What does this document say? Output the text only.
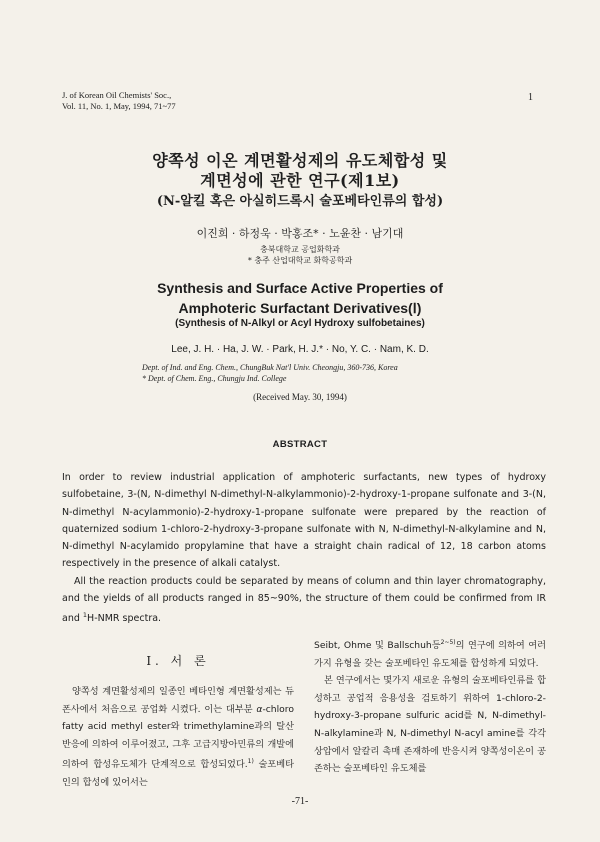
J. of Korean Oil Chemists' Soc.,
Vol. 11, No. 1, May, 1994, 71~77
1
양쪽성 이온 계면활성제의 유도체합성 및
계면성에 관한 연구(제1보)
(N-알킬 혹은 아실히드록시 술포베타인류의 합성)
이진희 · 하정욱 · 박홍조* · 노윤찬 · 남기대
충북대학교 공업화학과
* 충주 산업대학교 화학공학과
Synthesis and Surface Active Properties of
Amphoteric Surfactant Derivatives(Ⅰ)
(Synthesis of N-Alkyl or Acyl Hydroxy sulfobetaines)
Lee, J. H. · Ha, J. W. · Park, H. J.* · No, Y. C. · Nam, K. D.
Dept. of Ind. and Eng. Chem., ChungBuk Nat'l Univ. Cheongju, 360-736, Korea
* Dept. of Chem. Eng., Chungju Ind. College
(Received May. 30, 1994)
ABSTRACT

In order to review industrial application of amphoteric surfactants, new types of hydroxy sulfobetaine, 3-(N, N-dimethyl N-dimethyl-N-alkylammonio)-2-hydroxy-1-propane sulfonate and 3-(N, N-dimethyl N-acylammonio)-2-hydroxy-1-propane sulfonate were prepared by the reaction of quaternized sodium 1-chloro-2-hydroxy-3-propane sulfonate with N, N-dimethyl-N-alkylamine and N, N-dimethyl N-acylamido propylamine that have a straight chain radical of 12, 18 carbon atoms respectively in the presence of alkali catalyst.

All the reaction products could be separated by means of column and thin layer chromatography, and the yields of all products ranged in 85~90%, the structure of them could be confirmed from IR and $^1$H-NMR spectra.

Ⅰ. 서 론

양쪽성 계면활성제의 일종인 베타인형 계면활성제는 듀폰사에서 처음으로 공업화 시켰다. 이는 대부분 α-chloro fatty acid methyl ester와 trimethylamine과의 탈산반응에 의하여 이루어졌고, 그후 고급지방아민류의 개발에 의하여 합성유도체가 단계적으로 합성되었다.$^{1)}$ 술포베타인의 합성에 있어서는

Seibt, Ohme 및 Ballschuh등$^{2\sim 5)}$의 연구에 의하여 여러가지 유형을 갖는 술포베타인 유도체를 합성하게 되었다.

본 연구에서는 몇가지 새로운 유형의 술포베타인류를 합성하고 공업적 응용성을 검토하기 위하여 1-chloro-2-hydroxy-3-propane sulfuric acid를 N, N-dimethyl-N-alkylamine과 N, N-dimethyl N-acyl amine를 각각 상압에서 알칼리 촉매 존재하에 반응시켜 양쪽성이온이 공존하는 술포베타인 유도체를

-71-
